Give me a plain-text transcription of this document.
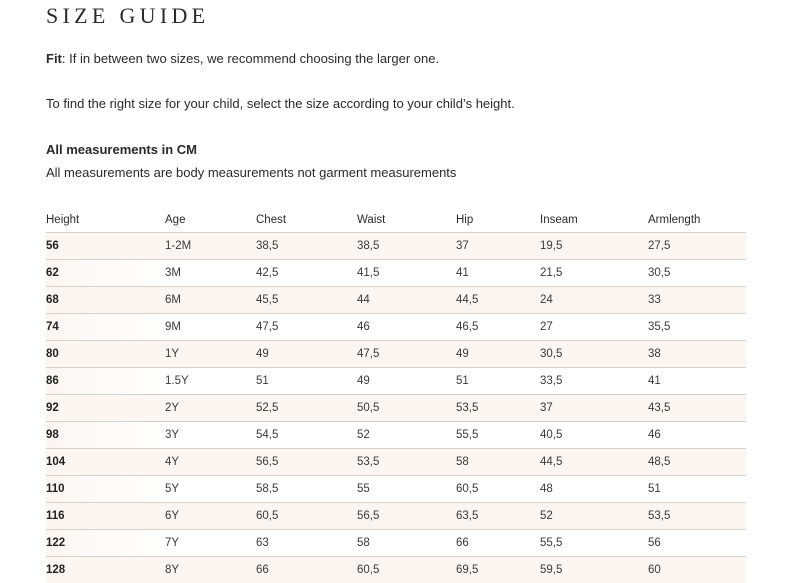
SIZE GUIDE

Fit: If in between two sizes, we recommend choosing the larger one.

To find the right size for your child, select the size according to your child’s height.

All measurements in CM

All measurements are body measurements not garment measurements

Height	Age	Chest	Waist	Hip	Inseam	Armlength
56	1-2M	38,5	38,5	37	19,5	27,5
62	3M	42,5	41,5	41	21,5	30,5
68	6M	45,5	44	44,5	24	33
74	9M	47,5	46	46,5	27	35,5
80	1Y	49	47,5	49	30,5	38
86	1.5Y	51	49	51	33,5	41
92	2Y	52,5	50,5	53,5	37	43,5
98	3Y	54,5	52	55,5	40,5	46
104	4Y	56,5	53,5	58	44,5	48,5
110	5Y	58,5	55	60,5	48	51
116	6Y	60,5	56,5	63,5	52	53,5
122	7Y	63	58	66	55,5	56
128	8Y	66	60,5	69,5	59,5	60
